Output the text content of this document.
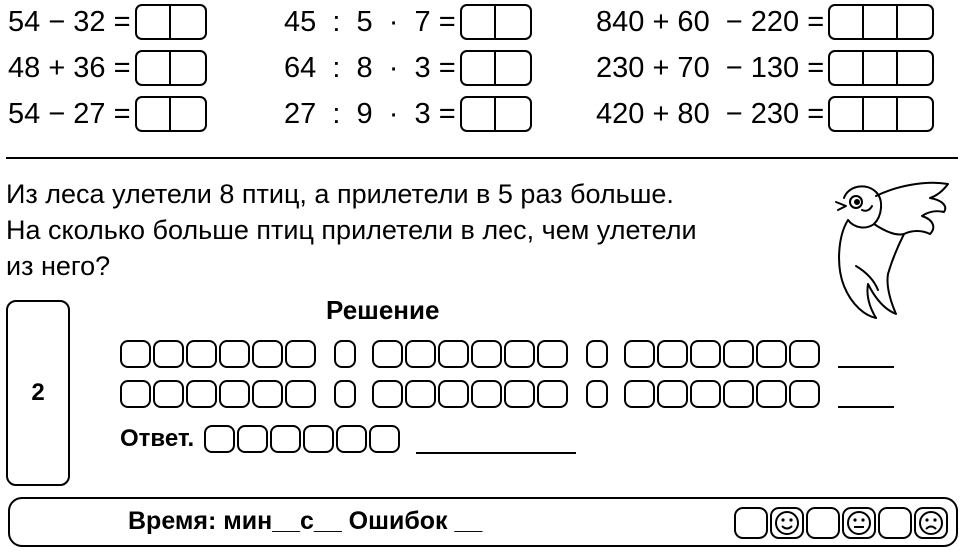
54 − 32 =
48 + 36 =
54 − 27 =
45  :  5  ·  7 =
64  :  8  ·  3 =
27  :  9  ·  3 =
840 + 60  − 220 =
230 + 70  − 130 =
420 + 80  − 230 =
Из леса улетели 8 птиц, а прилетели в 5 раз больше.
На сколько больше птиц прилетели в лес, чем улетели
из него?
2
Решение
Ответ.
Время: мин__с__ Ошибок __
